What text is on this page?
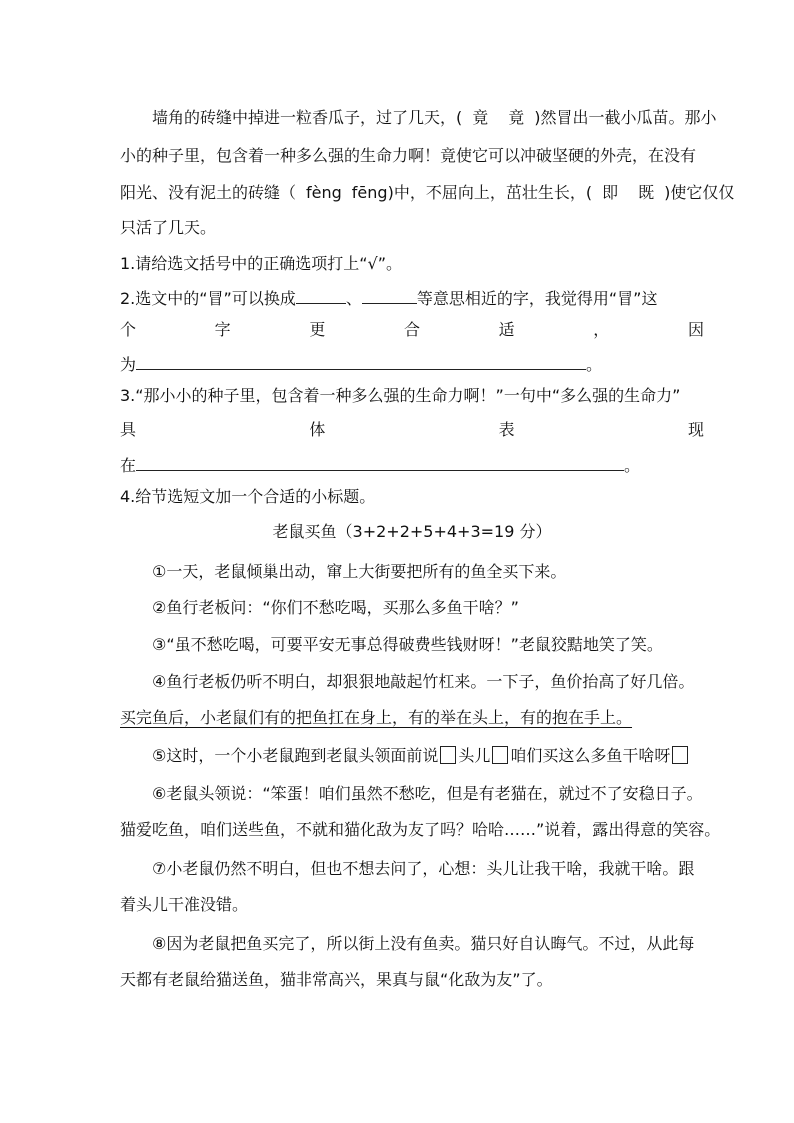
墙角的砖缝中掉进一粒香瓜子，过了几天，( 竟 竟 )然冒出一截小瓜苗。那小
小的种子里，包含着一种多么强的生命力啊！竟使它可以冲破坚硬的外壳，在没有
阳光、没有泥土的砖缝（ fèng fēng)中，不屈向上，茁壮生长，( 即 既 )使它仅仅
只活了几天。
1.请给选文括号中的正确选项打上“√”。
2.选文中的“冒”可以换成	、	等意思相近的字，我觉得用“冒”这
个	字	更	合	适	，	因
为	。
3.“那小小的种子里，包含着一种多么强的生命力啊！”一句中“多么强的生命力”
具	体	表	现
在	。
4.给节选短文加一个合适的小标题。
老鼠买鱼（3+2+2+5+4+3=19 分）
①一天，老鼠倾巢出动，窜上大街要把所有的鱼全买下来。
②鱼行老板问：“你们不愁吃喝，买那么多鱼干啥？”
③“虽不愁吃喝，可要平安无事总得破费些钱财呀！”老鼠狡黠地笑了笑。
④鱼行老板仍听不明白，却狠狠地敲起竹杠来。一下子，鱼价抬高了好几倍。
买完鱼后，小老鼠们有的把鱼扛在身上，有的举在头上，有的抱在手上。
⑤这时，一个小老鼠跑到老鼠头领面前说 头儿 咱们买这么多鱼干啥呀
⑥老鼠头领说：“笨蛋！咱们虽然不愁吃，但是有老猫在，就过不了安稳日子。
猫爱吃鱼，咱们送些鱼，不就和猫化敌为友了吗？哈哈……”说着，露出得意的笑容。
⑦小老鼠仍然不明白，但也不想去问了，心想：头儿让我干啥，我就干啥。跟
着头儿干准没错。
⑧因为老鼠把鱼买完了，所以街上没有鱼卖。猫只好自认晦气。不过，从此每
天都有老鼠给猫送鱼，猫非常高兴，果真与鼠“化敌为友”了。
